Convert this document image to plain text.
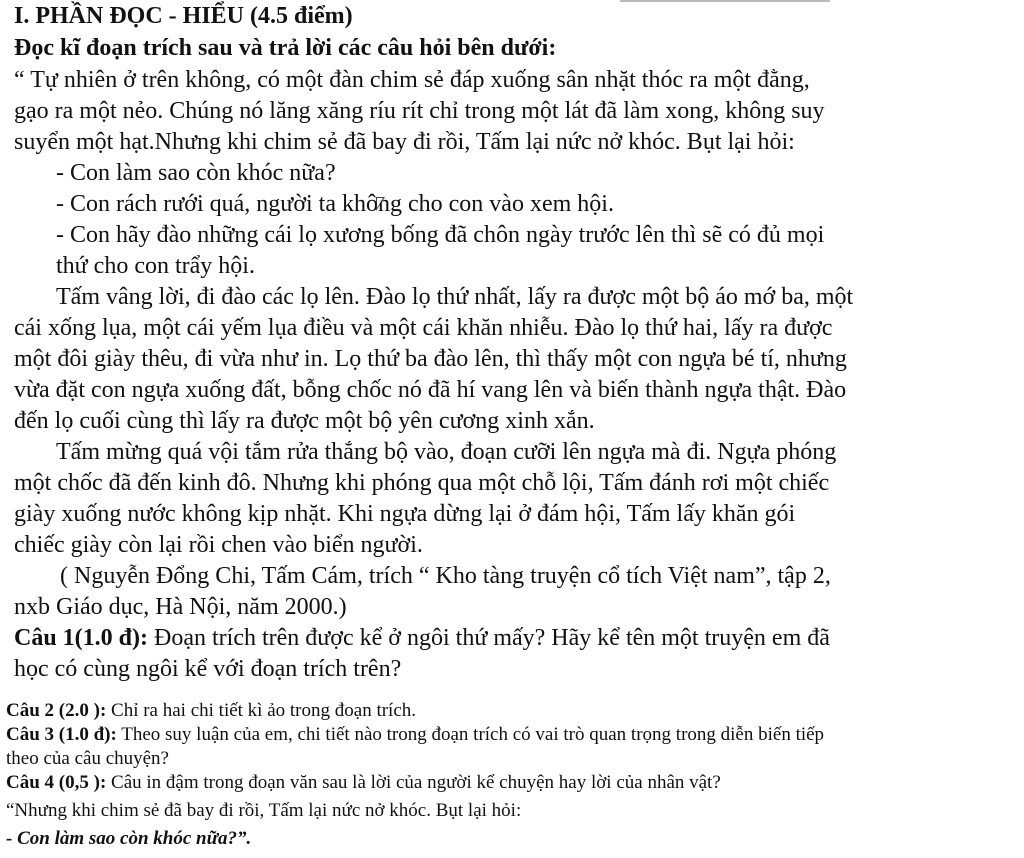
I. PHẦN ĐỌC - HIỂU (4.5 điểm)
Đọc kĩ đoạn trích sau và trả lời các câu hỏi bên dưới:
“ Tự nhiên ở trên không, có một đàn chim sẻ đáp xuống sân nhặt thóc ra một đằng,
gạo ra một nẻo. Chúng nó lăng xăng ríu rít chỉ trong một lát đã làm xong, không suy
suyển một hạt.Nhưng khi chim sẻ đã bay đi rồi, Tấm lại nức nở khóc. Bụt lại hỏi:
- Con làm sao còn khóc nữa?
- Con rách rưới quá, người ta không cho con vào xem hội.
- Con hãy đào những cái lọ xương bống đã chôn ngày trước lên thì sẽ có đủ mọi
thứ cho con trẩy hội.
Tấm vâng lời, đi đào các lọ lên. Đào lọ thứ nhất, lấy ra được một bộ áo mớ ba, một
cái xống lụa, một cái yếm lụa điều và một cái khăn nhiễu. Đào lọ thứ hai, lấy ra được
một đôi giày thêu, đi vừa như in. Lọ thứ ba đào lên, thì thấy một con ngựa bé tí, nhưng
vừa đặt con ngựa xuống đất, bỗng chốc nó đã hí vang lên và biến thành ngựa thật. Đào
đến lọ cuối cùng thì lấy ra được một bộ yên cương xinh xắn.
Tấm mừng quá vội tắm rửa thắng bộ vào, đoạn cưỡi lên ngựa mà đi. Ngựa phóng
một chốc đã đến kinh đô. Nhưng khi phóng qua một chỗ lội, Tấm đánh rơi một chiếc
giày xuống nước không kịp nhặt. Khi ngựa dừng lại ở đám hội, Tấm lấy khăn gói
chiếc giày còn lại rồi chen vào biển người.
( Nguyễn Đổng Chi, Tấm Cám, trích “ Kho tàng truyện cổ tích Việt nam”, tập 2,
nxb Giáo dục, Hà Nội, năm 2000.)
Câu 1(1.0 đ): Đoạn trích trên được kể ở ngôi thứ mấy? Hãy kể tên một truyện em đã
học có cùng ngôi kể với đoạn trích trên?
Câu 2 (2.0 ): Chỉ ra hai chi tiết kì ảo trong đoạn trích.
Câu 3 (1.0 đ): Theo suy luận của em, chi tiết nào trong đoạn trích có vai trò quan trọng trong diễn biến tiếp
theo của câu chuyện?
Câu 4 (0,5 ): Câu in đậm trong đoạn văn sau là lời của người kể chuyện hay lời của nhân vật?
“Nhưng khi chim sẻ đã bay đi rồi, Tấm lại nức nở khóc. Bụt lại hỏi:
- Con làm sao còn khóc nữa?”.
